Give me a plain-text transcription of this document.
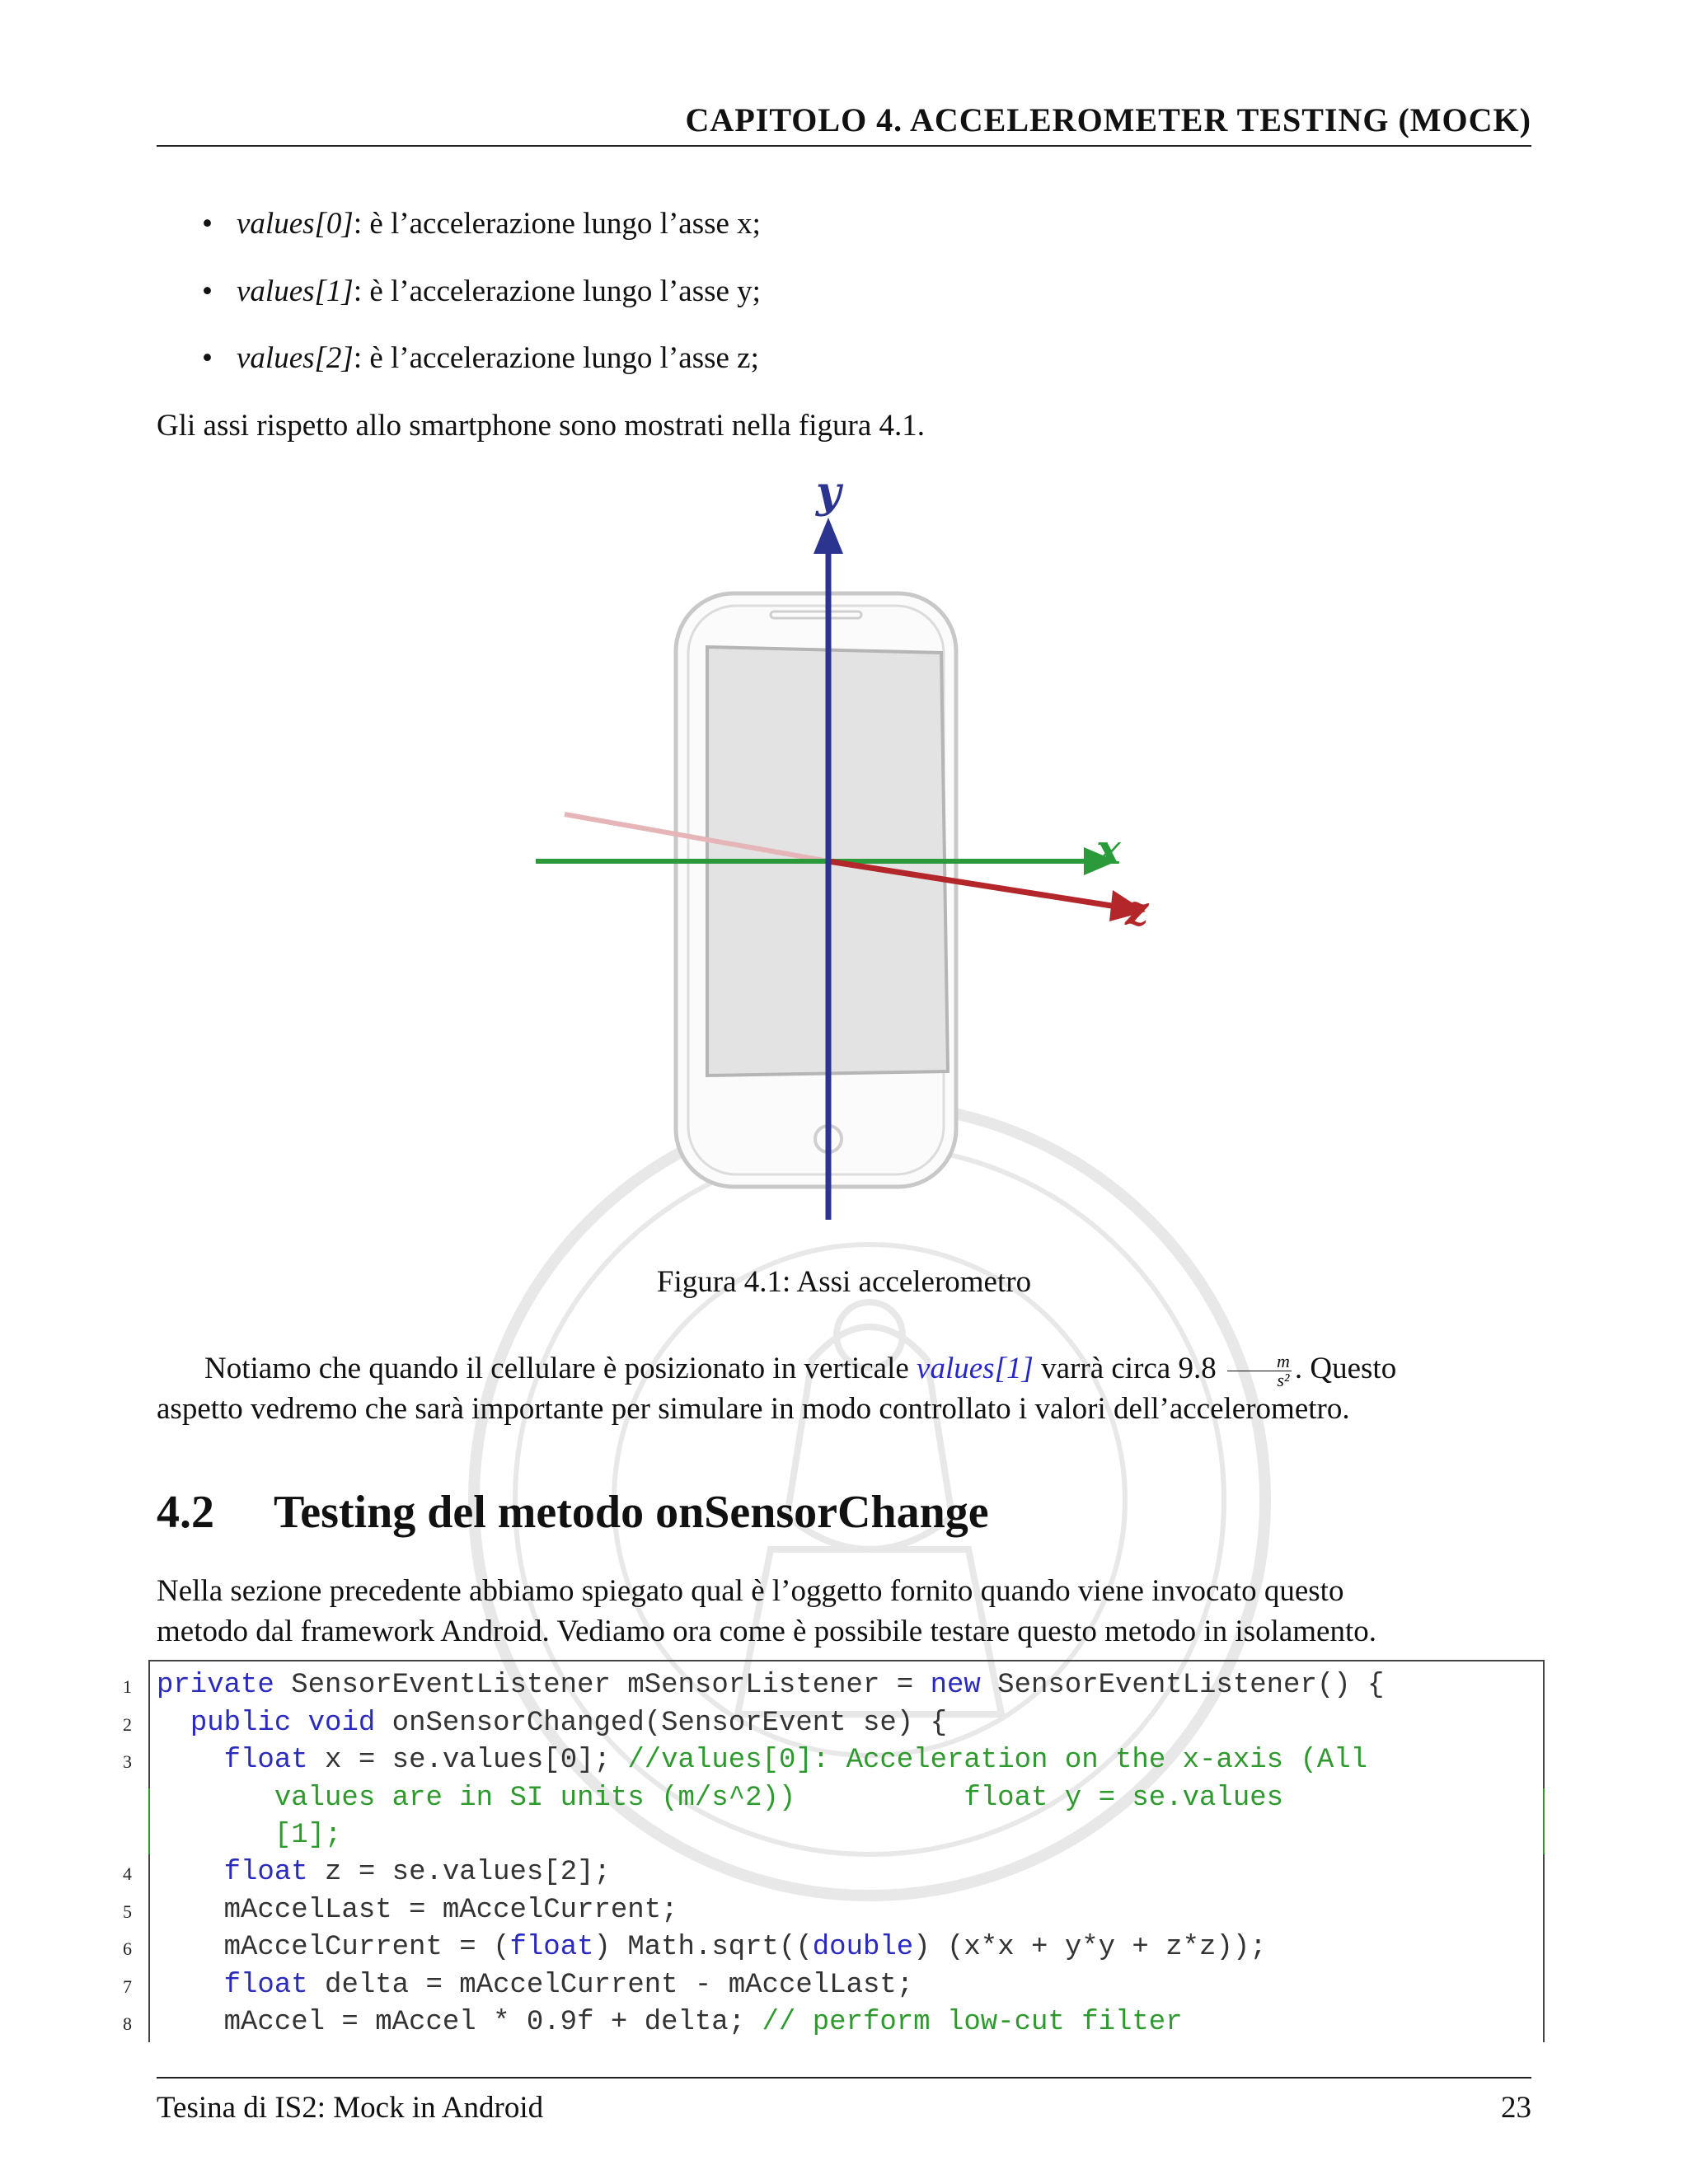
CAPITOLO 4. ACCELEROMETER TESTING (MOCK)
• values[0]: è l’accelerazione lungo l’asse x;
• values[1]: è l’accelerazione lungo l’asse y;
• values[2]: è l’accelerazione lungo l’asse z;
Gli assi rispetto allo smartphone sono mostrati nella figura 4.1.
y
x
z
Figura 4.1: Assi accelerometro
Notiamo che quando il cellulare è posizionato in verticale values[1] varrà circa $9.8 \frac{m}{\text{s²}}$ . Questo
aspetto vedremo che sarà importante per simulare in modo controllato i valori dell’accelerometro.
4.2 Testing del metodo onSensorChange
Nella sezione precedente abbiamo spiegato qual è l’oggetto fornito quando viene invocato questo
metodo dal framework Android. Vediamo ora come è possibile testare questo metodo in isolamento.
1
2
3
4
5
6
7
8
private SensorEventListener mSensorListener = new SensorEventListener() {
public void onSensorChanged(SensorEvent se) {
float x = se.values[0]; //values[0]: Acceleration on the x-axis (All
values are in SI units (m/s^2))          float y = se.values
[1];
float z = se.values[2];
mAccelLast = mAccelCurrent;
mAccelCurrent = (float) Math.sqrt((double) (x*x + y*y + z*z));
float delta = mAccelCurrent - mAccelLast;
mAccel = mAccel * 0.9f + delta; // perform low-cut filter
Tesina di IS2: Mock in Android	23
